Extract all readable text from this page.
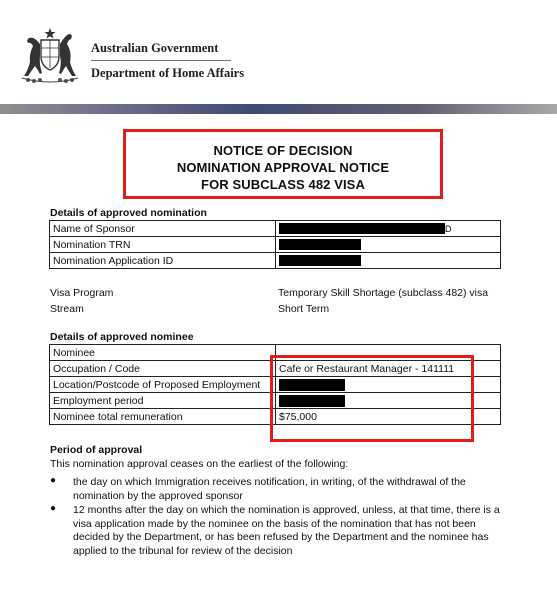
Australian Government
Department of Home Affairs
NOTICE OF DECISION
NOMINATION APPROVAL NOTICE
FOR SUBCLASS 482 VISA
Details of approved nomination
Name of Sponsor	D
Nomination TRN	
Nomination Application ID	
Visa Program	Temporary Skill Shortage (subclass 482) visa
Stream	Short Term
Details of approved nominee
Nominee	
Occupation / Code	Cafe or Restaurant Manager - 141111
Location/Postcode of Proposed Employment	
Employment period	
Nominee total remuneration	$75,000
Period of approval
This nomination approval ceases on the earliest of the following:
● the day on which Immigration receives notification, in writing, of the withdrawal of the nomination by the approved sponsor
● 12 months after the day on which the nomination is approved, unless, at that time, there is a visa application made by the nominee on the basis of the nomination that has not been decided by the Department, or has been refused by the Department and the nominee has applied to the tribunal for review of the decision
